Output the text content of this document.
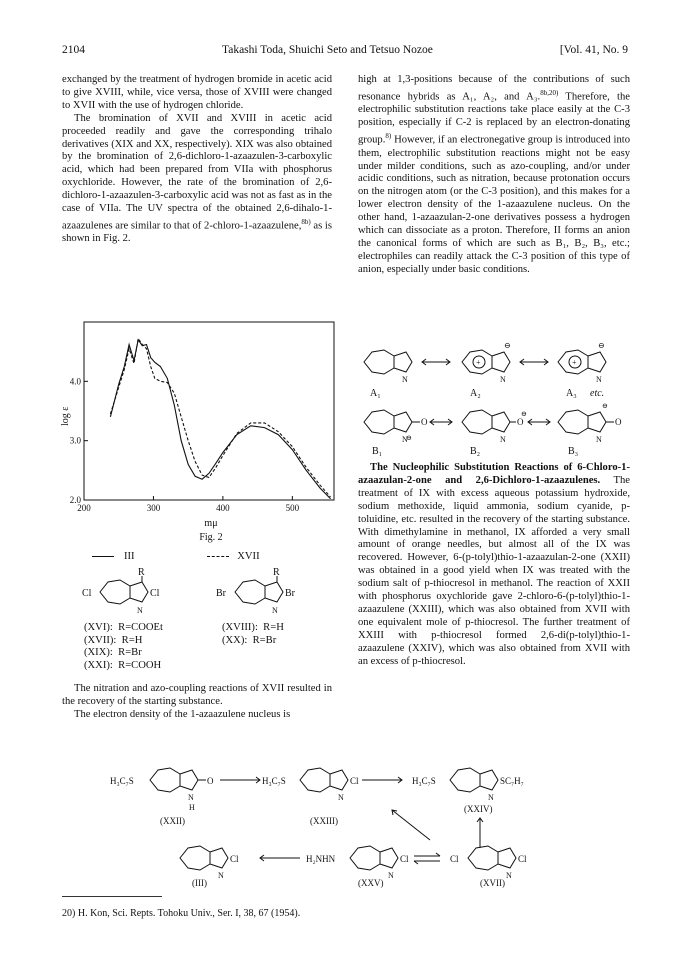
2104	Takashi Toda, Shuichi Seto and Tetsuo Nozoe	[Vol. 41, No. 9

exchanged by the treatment of hydrogen bromide in acetic acid to give XVIII, while, vice versa, those of XVIII were changed to XVII with the use of hydrogen chloride.

The bromination of XVII and XVIII in acetic acid proceeded readily and gave the corresponding trihalo derivatives (XIX and XX, respectively). XIX was also obtained by the bromination of 2,6-dichloro-1-azaazulen-3-carboxylic acid, which had been prepared from VIIa with phosphorus oxychloride. However, the rate of the bromination of 2,6-dichloro-1-azaazulen-3-carboxylic acid was not as fast as in the case of VIIa. The UV spectra of the obtained 2,6-dihalo-1-azaazulenes are similar to that of 2-chloro-1-azaazulene,$^{8b)}$ as is shown in Fig. 2.

2.0
3.0
4.0
200	300	400	500
log ε
mμ
Fig. 2
III	XVII
R	R
Cl	Cl	Br	Br
N	N
(XVI): R=COOEt
(XVII): R=H
(XIX): R=Br
(XXI): R=COOH
(XVIII): R=H
(XX): R=Br

The nitration and azo-coupling reactions of XVII resulted in the recovery of the starting substance.

The electron density of the 1-azaazulene nucleus is

high at 1,3-positions because of the contributions of such resonance hybrids as A₁, A₂, and A₃.$^{8b,20)}$ Therefore, the electrophilic substitution reactions take place easily at the C-3 position, especially if C-2 is replaced by an electron-donating group.$^{8)}$ However, if an electronegative group is introduced into them, electrophilic substitution reactions might not be easy under milder conditions, such as azo-coupling, and/or under acidic conditions, such as nitration, because protonation occurs on the nitrogen atom (or the C-3 position), and this makes for a lower electron density of the 1-azaazulene nucleus. On the other hand, 1-azaazulan-2-one derivatives possess a hydrogen which can dissociate as a proton. Therefore, II forms an anion the canonical forms of which are such as B₁, B₂, B₃, etc.; electrophiles can readily attack the C-3 position of this type of anion, especially under basic conditions.

+	+
N	N	N
⊖	⊖
A₁	A₂	A₃ etc.
O	O	O
N	N	N
⊖
⊖
⊖
B₁	B₂	B₃

The Nucleophilic Substitution Reactions of 6-Chloro-1-azaazulan-2-one and 2,6-Dichloro-1-azaazulenes. The treatment of IX with excess aqueous potassium hydroxide, sodium methoxide, liquid ammonia, sodium cyanide, p-toluidine, etc. resulted in the recovery of the starting substance. With dimethylamine in methanol, IX afforded a very small amount of orange needles, but almost all of the IX was recovered. However, 6-(p-tolyl)thio-1-azaazulan-2-one (XXII) was obtained in a good yield when IX was treated with the sodium salt of p-thiocresol in methanol. The reaction of XXII with phosphorus oxychloride gave 2-chloro-6-(p-tolyl)thio-1-azaazulene (XXIII), which was also obtained from XVII with one equivalent mole of p-thiocresol. The further treatment of XXIII with p-thiocresol formed 2,6-di(p-tolyl)thio-1-azaazulene (XXIV), which was also obtained from XVII with an excess of p-thiocresol.

H₃C₇S	O
N
H
H₃C₇S	Cl
N
H₃C₇S	SC₇H₇
N
Cl
N
H₂NHN	Cl
N
Cl	Cl
N
(XXII)	(XXIII)
(XXIV)
(III)	(XXV)	(XVII)
20) H. Kon, Sci. Repts. Tohoku Univ., Ser. I, 38, 67 (1954).
